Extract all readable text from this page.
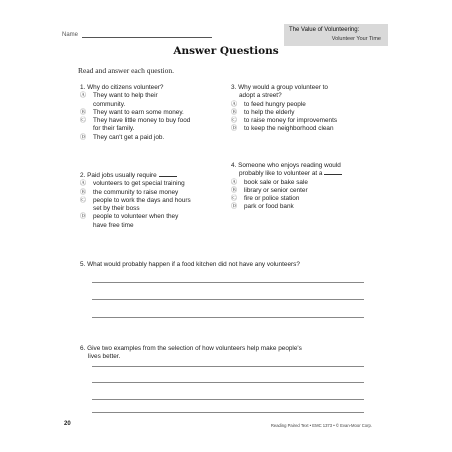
Name
The Value of Volunteering:
Volunteer Your Time
Answer Questions
Read and answer each question.
1. Why do citizens volunteer?
Ⓐ	They want to help their
community.
Ⓑ	They want to earn some money.
Ⓒ	They have little money to buy food
for their family.
Ⓓ	They can't get a paid job.
2. Paid jobs usually require
Ⓐ	volunteers to get special training
Ⓑ	the community to raise money
Ⓒ	people to work the days and hours
set by their boss
Ⓓ	people to volunteer when they
have free time
3. Why would a group volunteer to
adopt a street?
Ⓐ	to feed hungry people
Ⓑ	to help the elderly
Ⓒ	to raise money for improvements
Ⓓ	to keep the neighborhood clean
4. Someone who enjoys reading would
probably like to volunteer at a
Ⓐ	book sale or bake sale
Ⓑ	library or senior center
Ⓒ	fire or police station
Ⓓ	park or food bank
5. What would probably happen if a food kitchen did not have any volunteers?
6. Give two examples from the selection of how volunteers help make people's
lives better.
20	Reading Paired Text • EMC 1373 • © Evan-Moor Corp.
